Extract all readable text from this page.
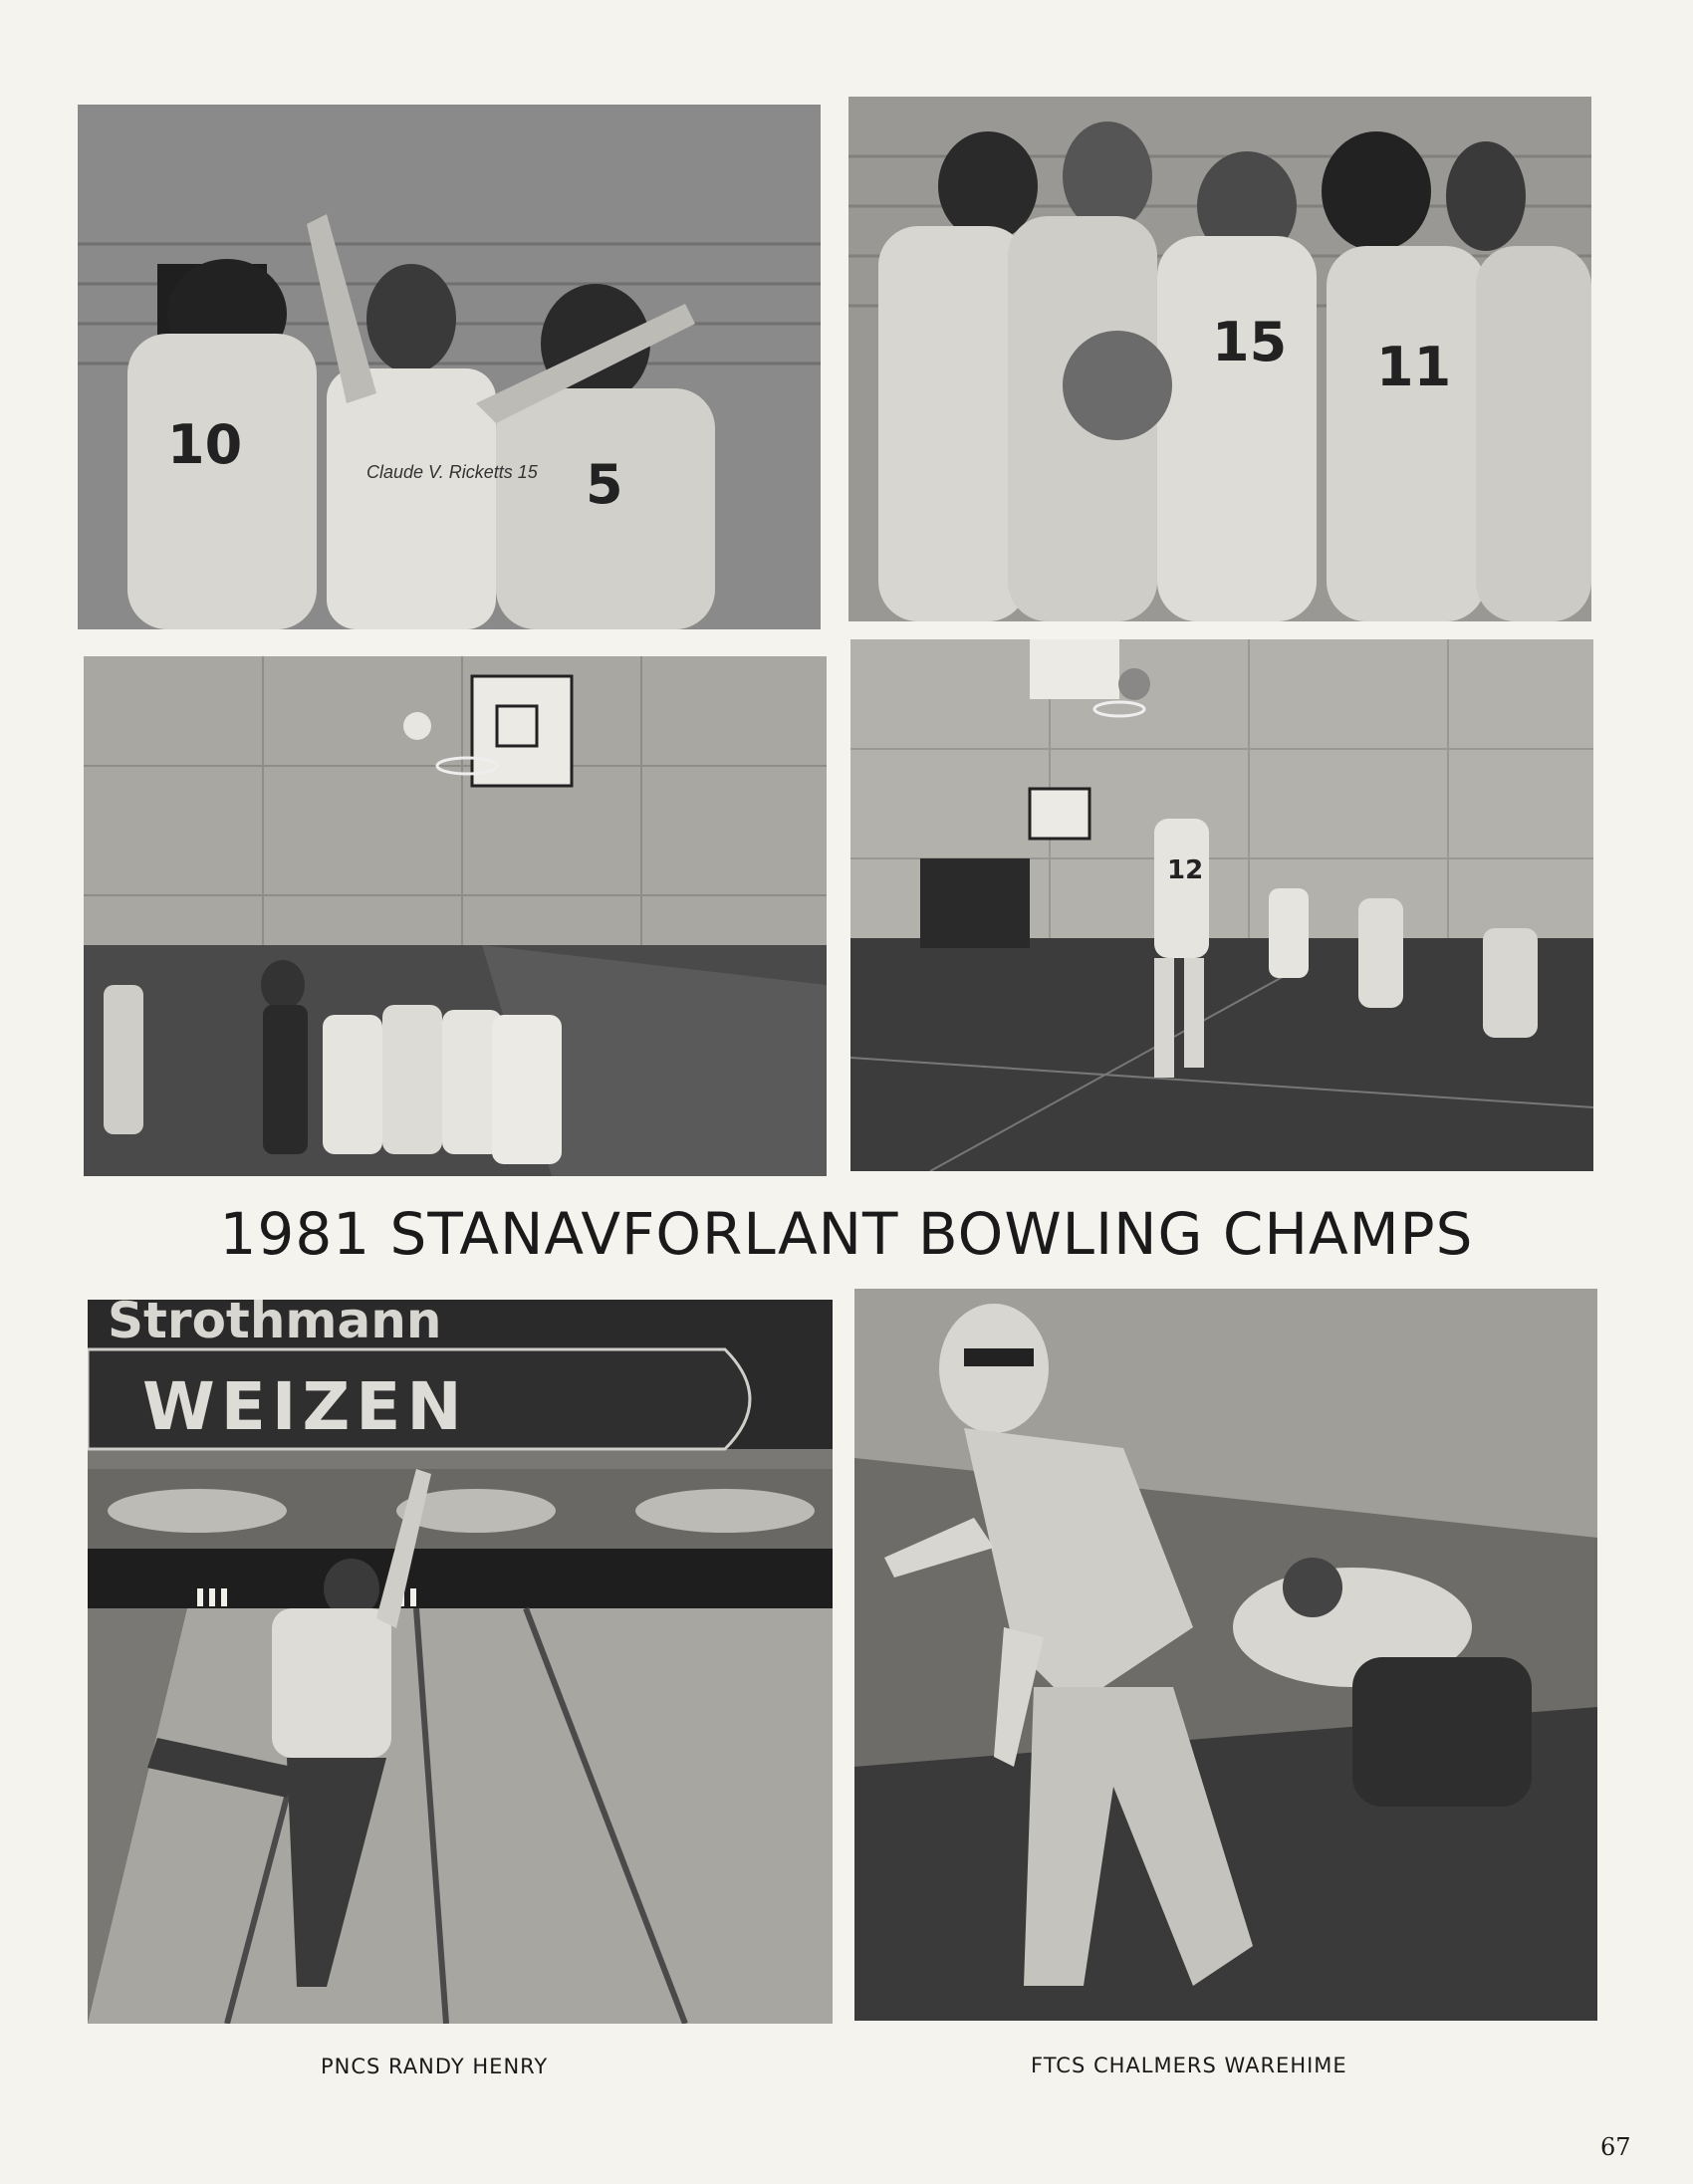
10
5
Claude V. Ricketts 15
15 11
12
1981 STANAVFORLANT BOWLING CHAMPS
Strothmann
WEIZEN
PNCS RANDY HENRY	FTCS CHALMERS WAREHIME
67
